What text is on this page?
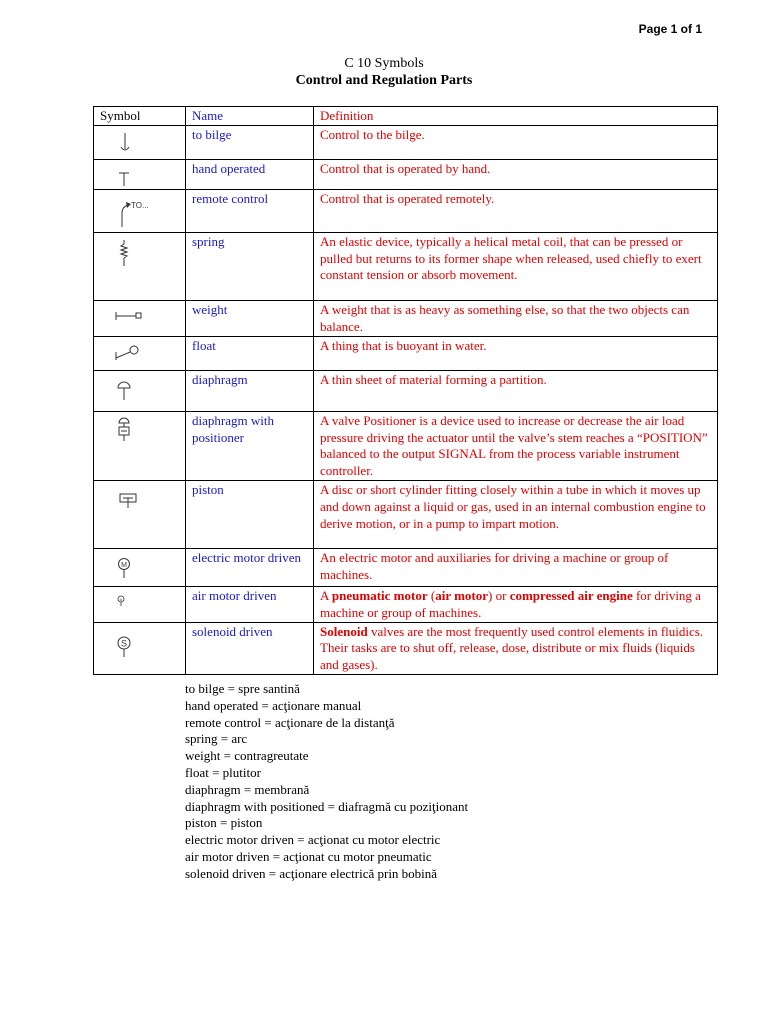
Page 1 of 1
C 10 Symbols
Control and Regulation Parts
Symbol	Name	Definition

	to bilge	Control to the bilge.

	hand operated	Control that is operated by hand.

TO...	remote control	Control that is operated remotely.

	spring	An elastic device, typically a helical metal coil, that can be pressed or pulled but returns to its former shape when released, used chiefly to exert constant tension or absorb movement.

	weight	A weight that is as heavy as something else, so that the two objects can balance.

	float	A thing that is buoyant in water.

	diaphragm	A thin sheet of material forming a partition.

	diaphragm with positioner	A valve Positioner is a device used to increase or decrease the air load pressure driving the actuator until the valve’s stem reaches a “POSITION” balanced to the output SIGNAL from the process variable instrument controller.

	piston	A disc or short cylinder fitting closely within a tube in which it moves up and down against a liquid or gas, used in an internal combustion engine to derive motion, or in a pump to impart motion.

M	electric motor driven	An electric motor and auxiliaries for driving a machine or group of machines.

A	air motor driven	A pneumatic motor (air motor) or compressed air engine for driving a machine or group of machines.

S	solenoid driven	Solenoid valves are the most frequently used control elements in fluidics. Their tasks are to shut off, release, dose, distribute or mix fluids (liquids and gases).
to bilge = spre santină
hand operated = acţionare manual
remote control = acţionare de la distanţă
spring = arc
weight = contragreutate
float = plutitor
diaphragm = membrană
diaphragm with positioned = diafragmă cu poziţionant
piston = piston
electric motor driven = acţionat cu motor electric
air motor driven = acţionat cu motor pneumatic
solenoid driven = acţionare electrică prin bobină
